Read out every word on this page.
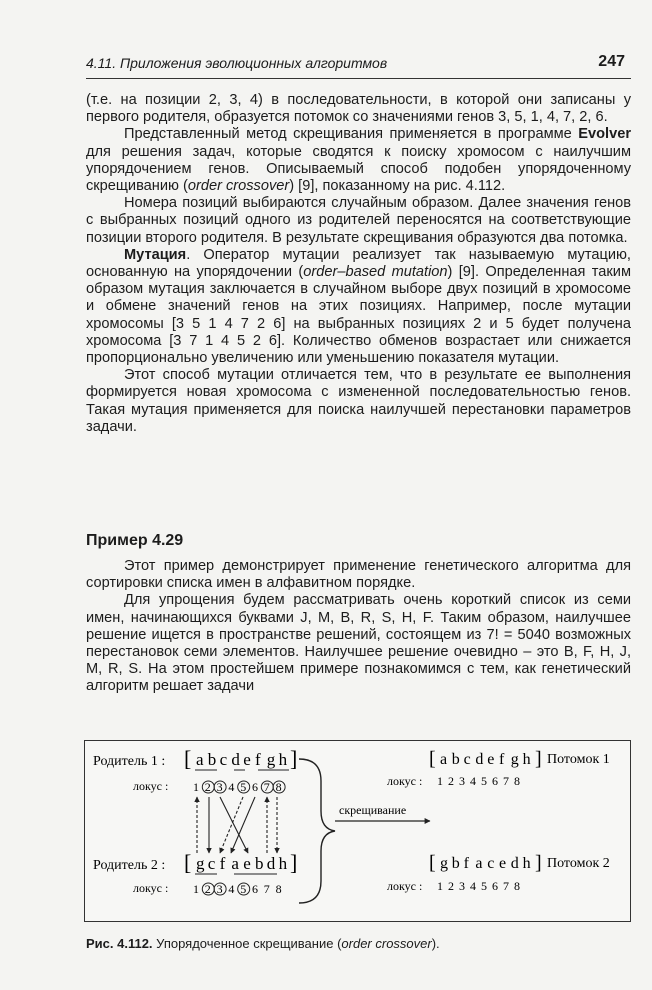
4.11. Приложения эволюционных алгоритмов	247

(т.е. на позиции 2, 3, 4) в последовательности, в которой они записаны у первого родителя, образуется потомок со значениями генов 3, 5, 1, 4, 7, 2, 6.

Представленный метод скрещивания применяется в программе Evolver для решения задач, которые сводятся к поиску хромосом с наилучшим упорядочением генов. Описываемый способ подобен упорядоченному скрещиванию (order crossover) [9], показанному на рис. 4.112.

Номера позиций выбираются случайным образом. Далее значения генов с выбранных позиций одного из родителей переносятся на соответствующие позиции второго родителя. В результате скрещивания образуются два потомка.

Мутация. Оператор мутации реализует так называемую мутацию, основанную на упорядочении (order–based mutation) [9]. Определенная таким образом мутация заключается в случайном выборе двух позиций в хромосоме и обмене значений генов на этих позициях. Например, после мутации хромосомы [3 5 1 4 7 2 6] на выбранных позициях 2 и 5 будет получена хромосома [3 7 1 4 5 2 6]. Количество обменов возрастает или снижается пропорционально увеличению или уменьшению показателя мутации.

Этот способ мутации отличается тем, что в результате ее выполнения формируется новая хромосома с измененной последовательностью генов. Такая мутация применяется для поиска наилучшей перестановки параметров задачи.

Пример 4.29

Этот пример демонстрирует применение генетического алгоритма для сортировки списка имен в алфавитном порядке.

Для упрощения будем рассматривать очень короткий список из семи имен, начинающихся буквами J, M, B, R, S, H, F. Таким образом, наилучшее решение ищется в пространстве решений, состоящем из 7! = 5040 возможных перестановок семи элементов. Наилучшее решение очевидно – это B, F, H, J, M, R, S. На этом простейшем примере познакомимся с тем, как генетический алгоритм решает задачи

Родитель 1 : [ a b c d e f g h ]
локус : 1 2 3 4 5 6 7 8
скрещивание
Родитель 2 : [ g c f a e b d h ]
локус : 1 2 3 4 5 6 7 8
[ a b c d e f g h ] Потомок 1
локус : 1 2 3 4 5 6 7 8
[ g b f a c e d h ] Потомок 2
локус : 1 2 3 4 5 6 7 8
Рис. 4.112. Упорядоченное скрещивание (order crossover).
